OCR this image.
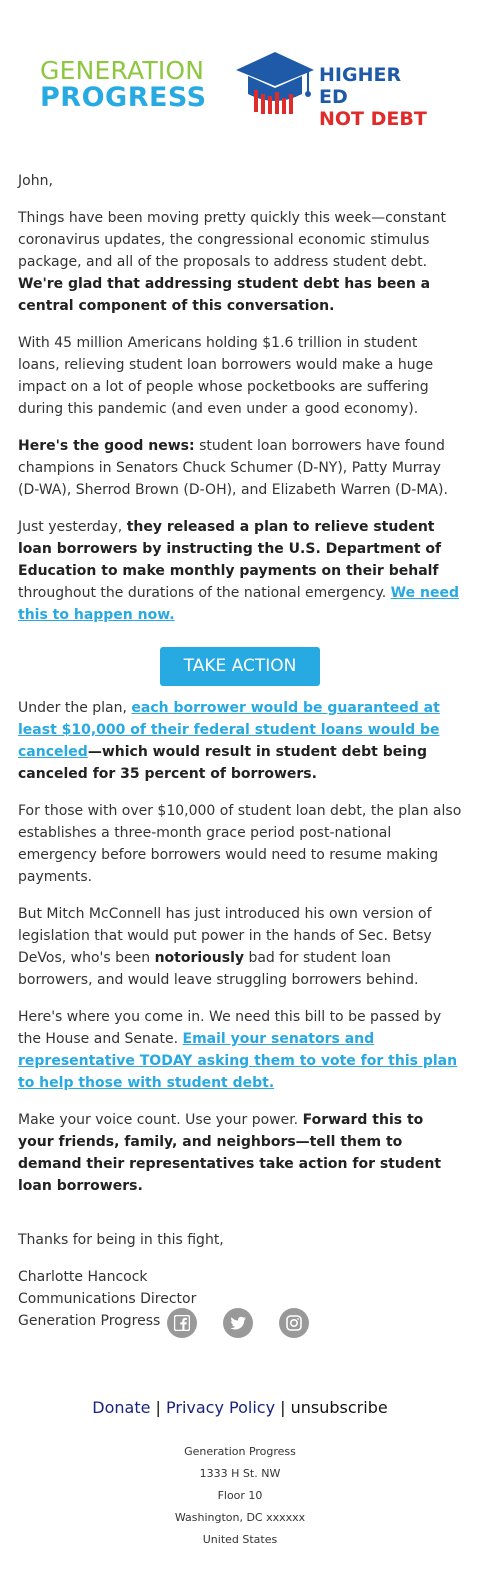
GENERATION
PROGRESS
HIGHER ED
NOT DEBT

John,

Things have been moving pretty quickly this week—constant coronavirus updates, the congressional economic stimulus package, and all of the proposals to address student debt. We're glad that addressing student debt has been a central component of this conversation.

With 45 million Americans holding $1.6 trillion in student loans, relieving student loan borrowers would make a huge impact on a lot of people whose pocketbooks are suffering during this pandemic (and even under a good economy).

Here's the good news: student loan borrowers have found champions in Senators Chuck Schumer (D-NY), Patty Murray (D-WA), Sherrod Brown (D-OH), and Elizabeth Warren (D-MA).

Just yesterday, they released a plan to relieve student loan borrowers by instructing the U.S. Department of Education to make monthly payments on their behalf throughout the durations of the national emergency. We need this to happen now.

TAKE ACTION

Under the plan, each borrower would be guaranteed at least $10,000 of their federal student loans would be canceled—which would result in student debt being canceled for 35 percent of borrowers.

For those with over $10,000 of student loan debt, the plan also establishes a three-month grace period post-national emergency before borrowers would need to resume making payments.

But Mitch McConnell has just introduced his own version of legislation that would put power in the hands of Sec. Betsy DeVos, who's been notoriously bad for student loan borrowers, and would leave struggling borrowers behind.

Here's where you come in. We need this bill to be passed by the House and Senate. Email your senators and representative TODAY asking them to vote for this plan to help those with student debt.

Make your voice count. Use your power. Forward this to your friends, family, and neighbors—tell them to demand their representatives take action for student loan borrowers.

Thanks for being in this fight,

Charlotte Hancock
Communications Director
Generation Progress

Donate | Privacy Policy | unsubscribe
Generation Progress
1333 H St. NW
Floor 10
Washington, DC xxxxxx
United States
